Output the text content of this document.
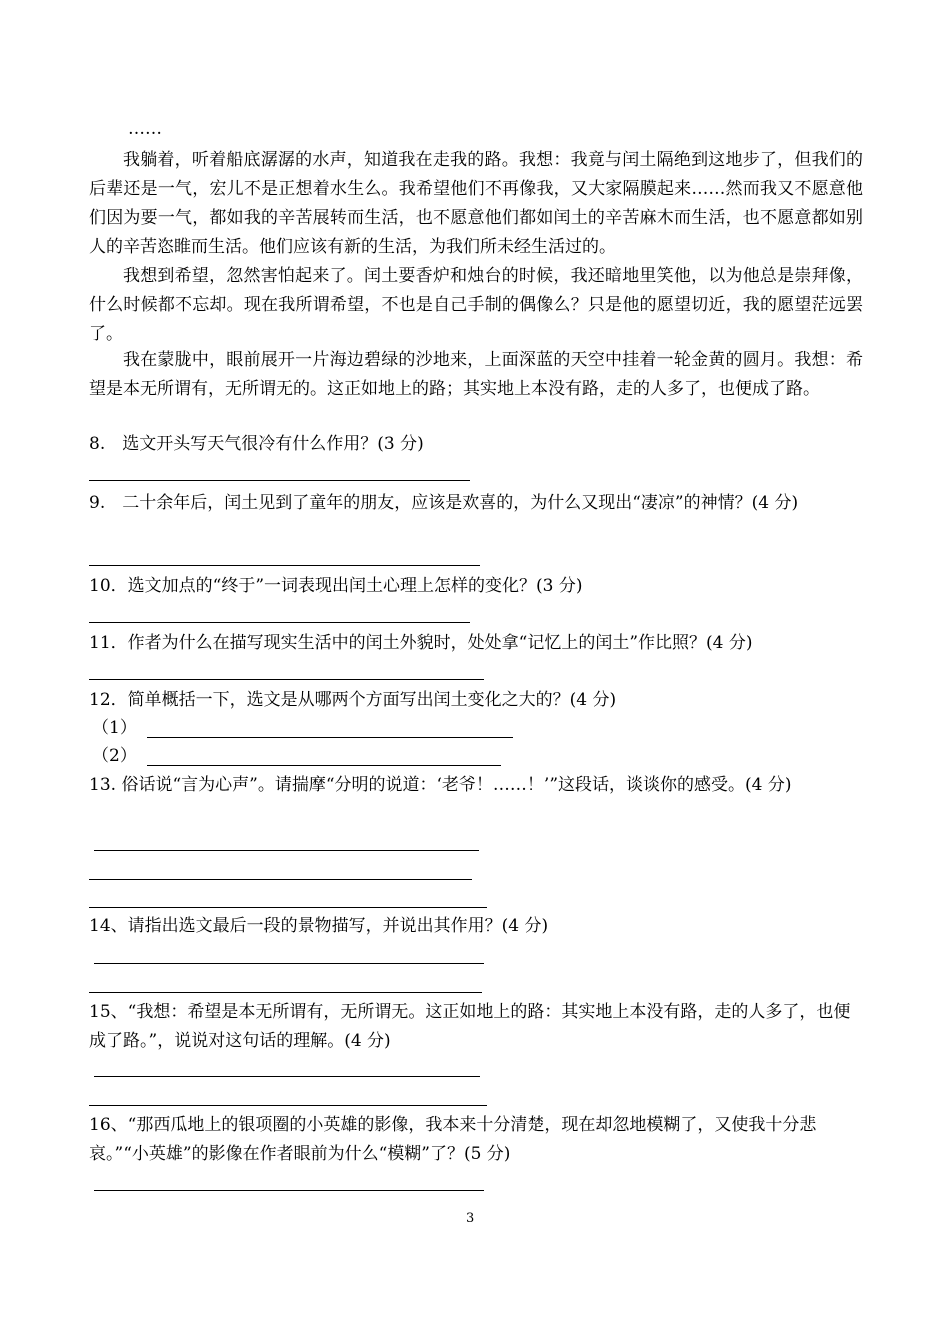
……

我躺着，听着船底潺潺的水声，知道我在走我的路。我想：我竟与闰土隔绝到这地步了，但我们的后辈还是一气，宏儿不是正想着水生么。我希望他们不再像我，又大家隔膜起来……然而我又不愿意他们因为要一气，都如我的辛苦展转而生活，也不愿意他们都如闰土的辛苦麻木而生活，也不愿意都如别人的辛苦恣睢而生活。他们应该有新的生活，为我们所未经生活过的。

我想到希望，忽然害怕起来了。闰土要香炉和烛台的时候，我还暗地里笑他，以为他总是崇拜像，什么时候都不忘却。现在我所谓希望，不也是自己手制的偶像么？只是他的愿望切近，我的愿望茫远罢了。

我在蒙胧中，眼前展开一片海边碧绿的沙地来，上面深蓝的天空中挂着一轮金黄的圆月。我想：希望是本无所谓有，无所谓无的。这正如地上的路；其实地上本没有路，走的人多了，也便成了路。

8.　选文开头写天气很冷有什么作用？(3 分)

9.　二十余年后，闰土见到了童年的朋友，应该是欢喜的，为什么又现出“凄凉”的神情？(4 分)

10．选文加点的“终于”一词表现出闰土心理上怎样的变化？(3 分)

11．作者为什么在描写现实生活中的闰土外貌时，处处拿“记忆上的闰土”作比照？(4 分)

12．简单概括一下，选文是从哪两个方面写出闰土变化之大的？(4 分)

（1）
（2）

13. 俗话说“言为心声”。请揣摩“分明的说道：‘老爷！……！’”这段话，谈谈你的感受。(4 分)

14、请指出选文最后一段的景物描写，并说出其作用？(4 分)

15、“我想：希望是本无所谓有，无所谓无。这正如地上的路：其实地上本没有路，走的人多了，也便成了路。”，说说对这句话的理解。(4 分)

16、“那西瓜地上的银项圈的小英雄的影像，我本来十分清楚，现在却忽地模糊了，又使我十分悲哀。”“小英雄”的影像在作者眼前为什么“模糊”了？(5 分)

3
